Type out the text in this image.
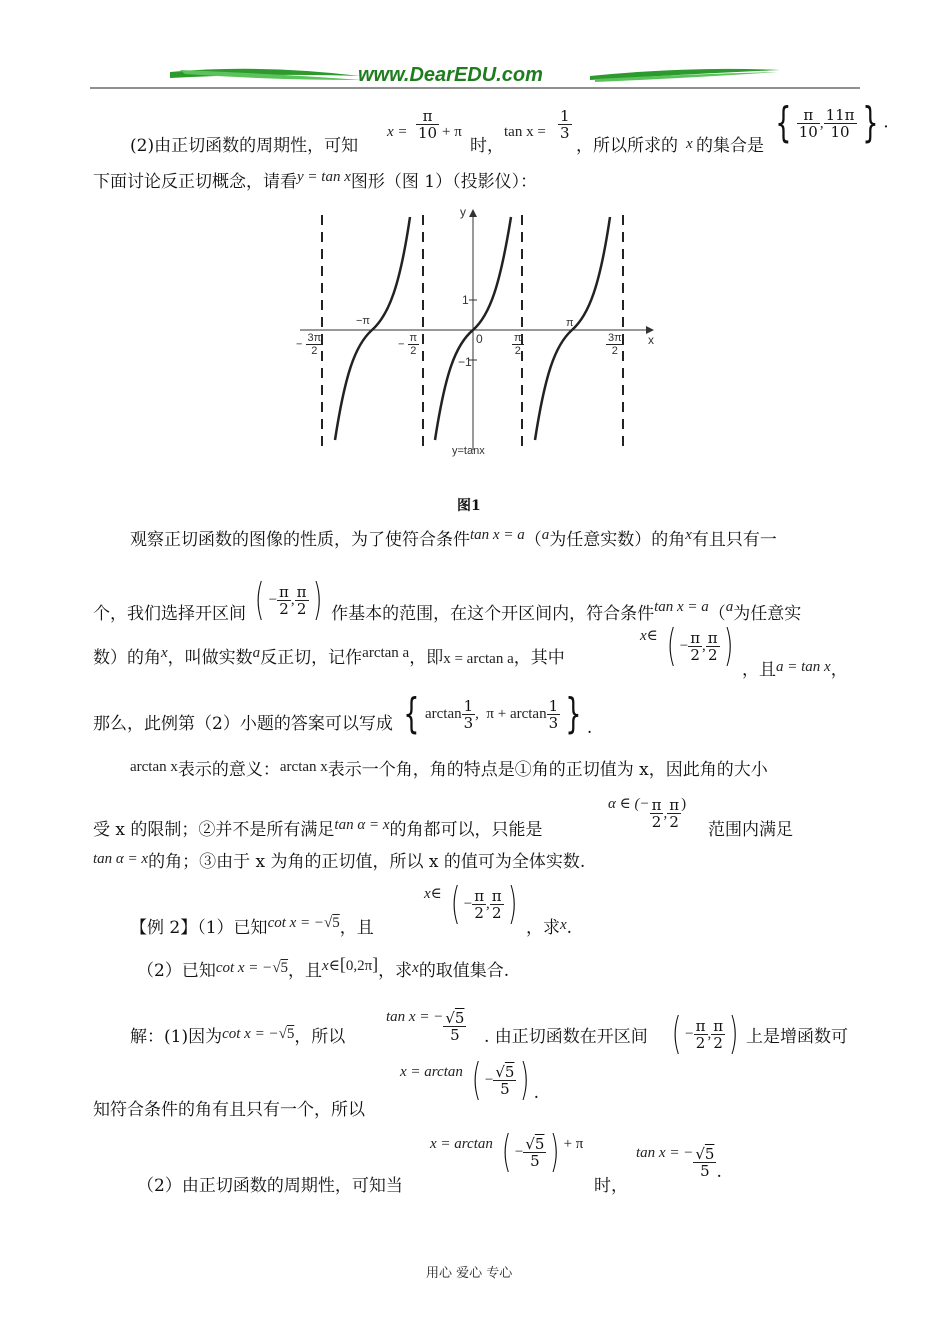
www.DearEDU.com
(2)由正切函数的周期性，可知
$x = \frac{\pi}{10} + \pi$
时，
$\tan x = \frac{1}{3}$
，所以所求的 x 的集合是 { $\frac{\pi}{10}$ , $\frac{11\pi}{10}$ } .
下面讨论反正切概念，请看y = tan x图形（图 1）（投影仪）：
y
x
0
1
−1
−π	π
− $\frac{3\pi}{2}$	− $\frac{\pi}{2}$	$\frac{\pi}{2}$	$\frac{3\pi}{2}$
y=tanx
图1
观察正切函数的图像的性质，为了使符合条件tan x = a（a为任意实数）的角x有且只有一
个，我们选择开区间 ( − $\frac{\pi}{2}$ , $\frac{\pi}{2}$ ) 作基本的范围，在这个开区间内，符合条件tan x = a（a为任意实
数）的角x，叫做实数a反正切，记作arctan a，即x = arctan a，其中
x∈ ( − $\frac{\pi}{2}$ , $\frac{\pi}{2}$ ) ，且a = tan x，
那么，此例第（2）小题的答案可以写成 { $\arctan \frac{1}{3}$ ,  $\pi + \arctan \frac{1}{3}$ } .
arctan x表示的意义：arctan x表示一个角，角的特点是①角的正切值为 x，因此角的大小
受 x 的限制；②并不是所有满足tan α = x的角都可以，只能是
α ∈ (− $\frac{\pi}{2}$ , $\frac{\pi}{2}$ )
范围内满足
tan α = x的角；③由于 x 为角的正切值，所以 x 的值可为全体实数.
【例 2】（1）已知cot x = −√5，且
x∈ ( − $\frac{\pi}{2}$ , $\frac{\pi}{2}$ ) ，求x.
（2）已知cot x = −√5，且x∈[0,2π]，求x的取值集合.
解：(1)因为cot x = −√5，所以
tan x = − $\frac{√5}{5}$ . 由正切函数在开区间 ( − $\frac{\pi}{2}$ , $\frac{\pi}{2}$ ) 上是增函数可
x = arctan ( − $\frac{√5}{5}$ ) .
知符合条件的角有且只有一个，所以
x = arctan ( − $\frac{√5}{5}$ ) + π
（2）由正切函数的周期性，可知当	时，
tan x = − $\frac{√5}{5}$ .
用心 爱心 专心
